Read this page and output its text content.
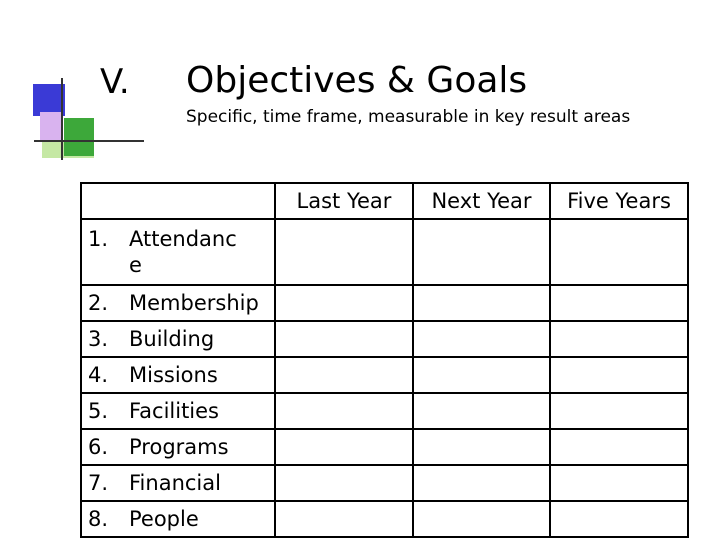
V. Objectives & Goals
Specific, time frame, measurable in key result areas
	Last Year	Next Year	Five Years

1. Attendance			

2. Membership			

3. Building			

4. Missions			

5. Facilities			

6. Programs			

7. Financial			

8. People			
